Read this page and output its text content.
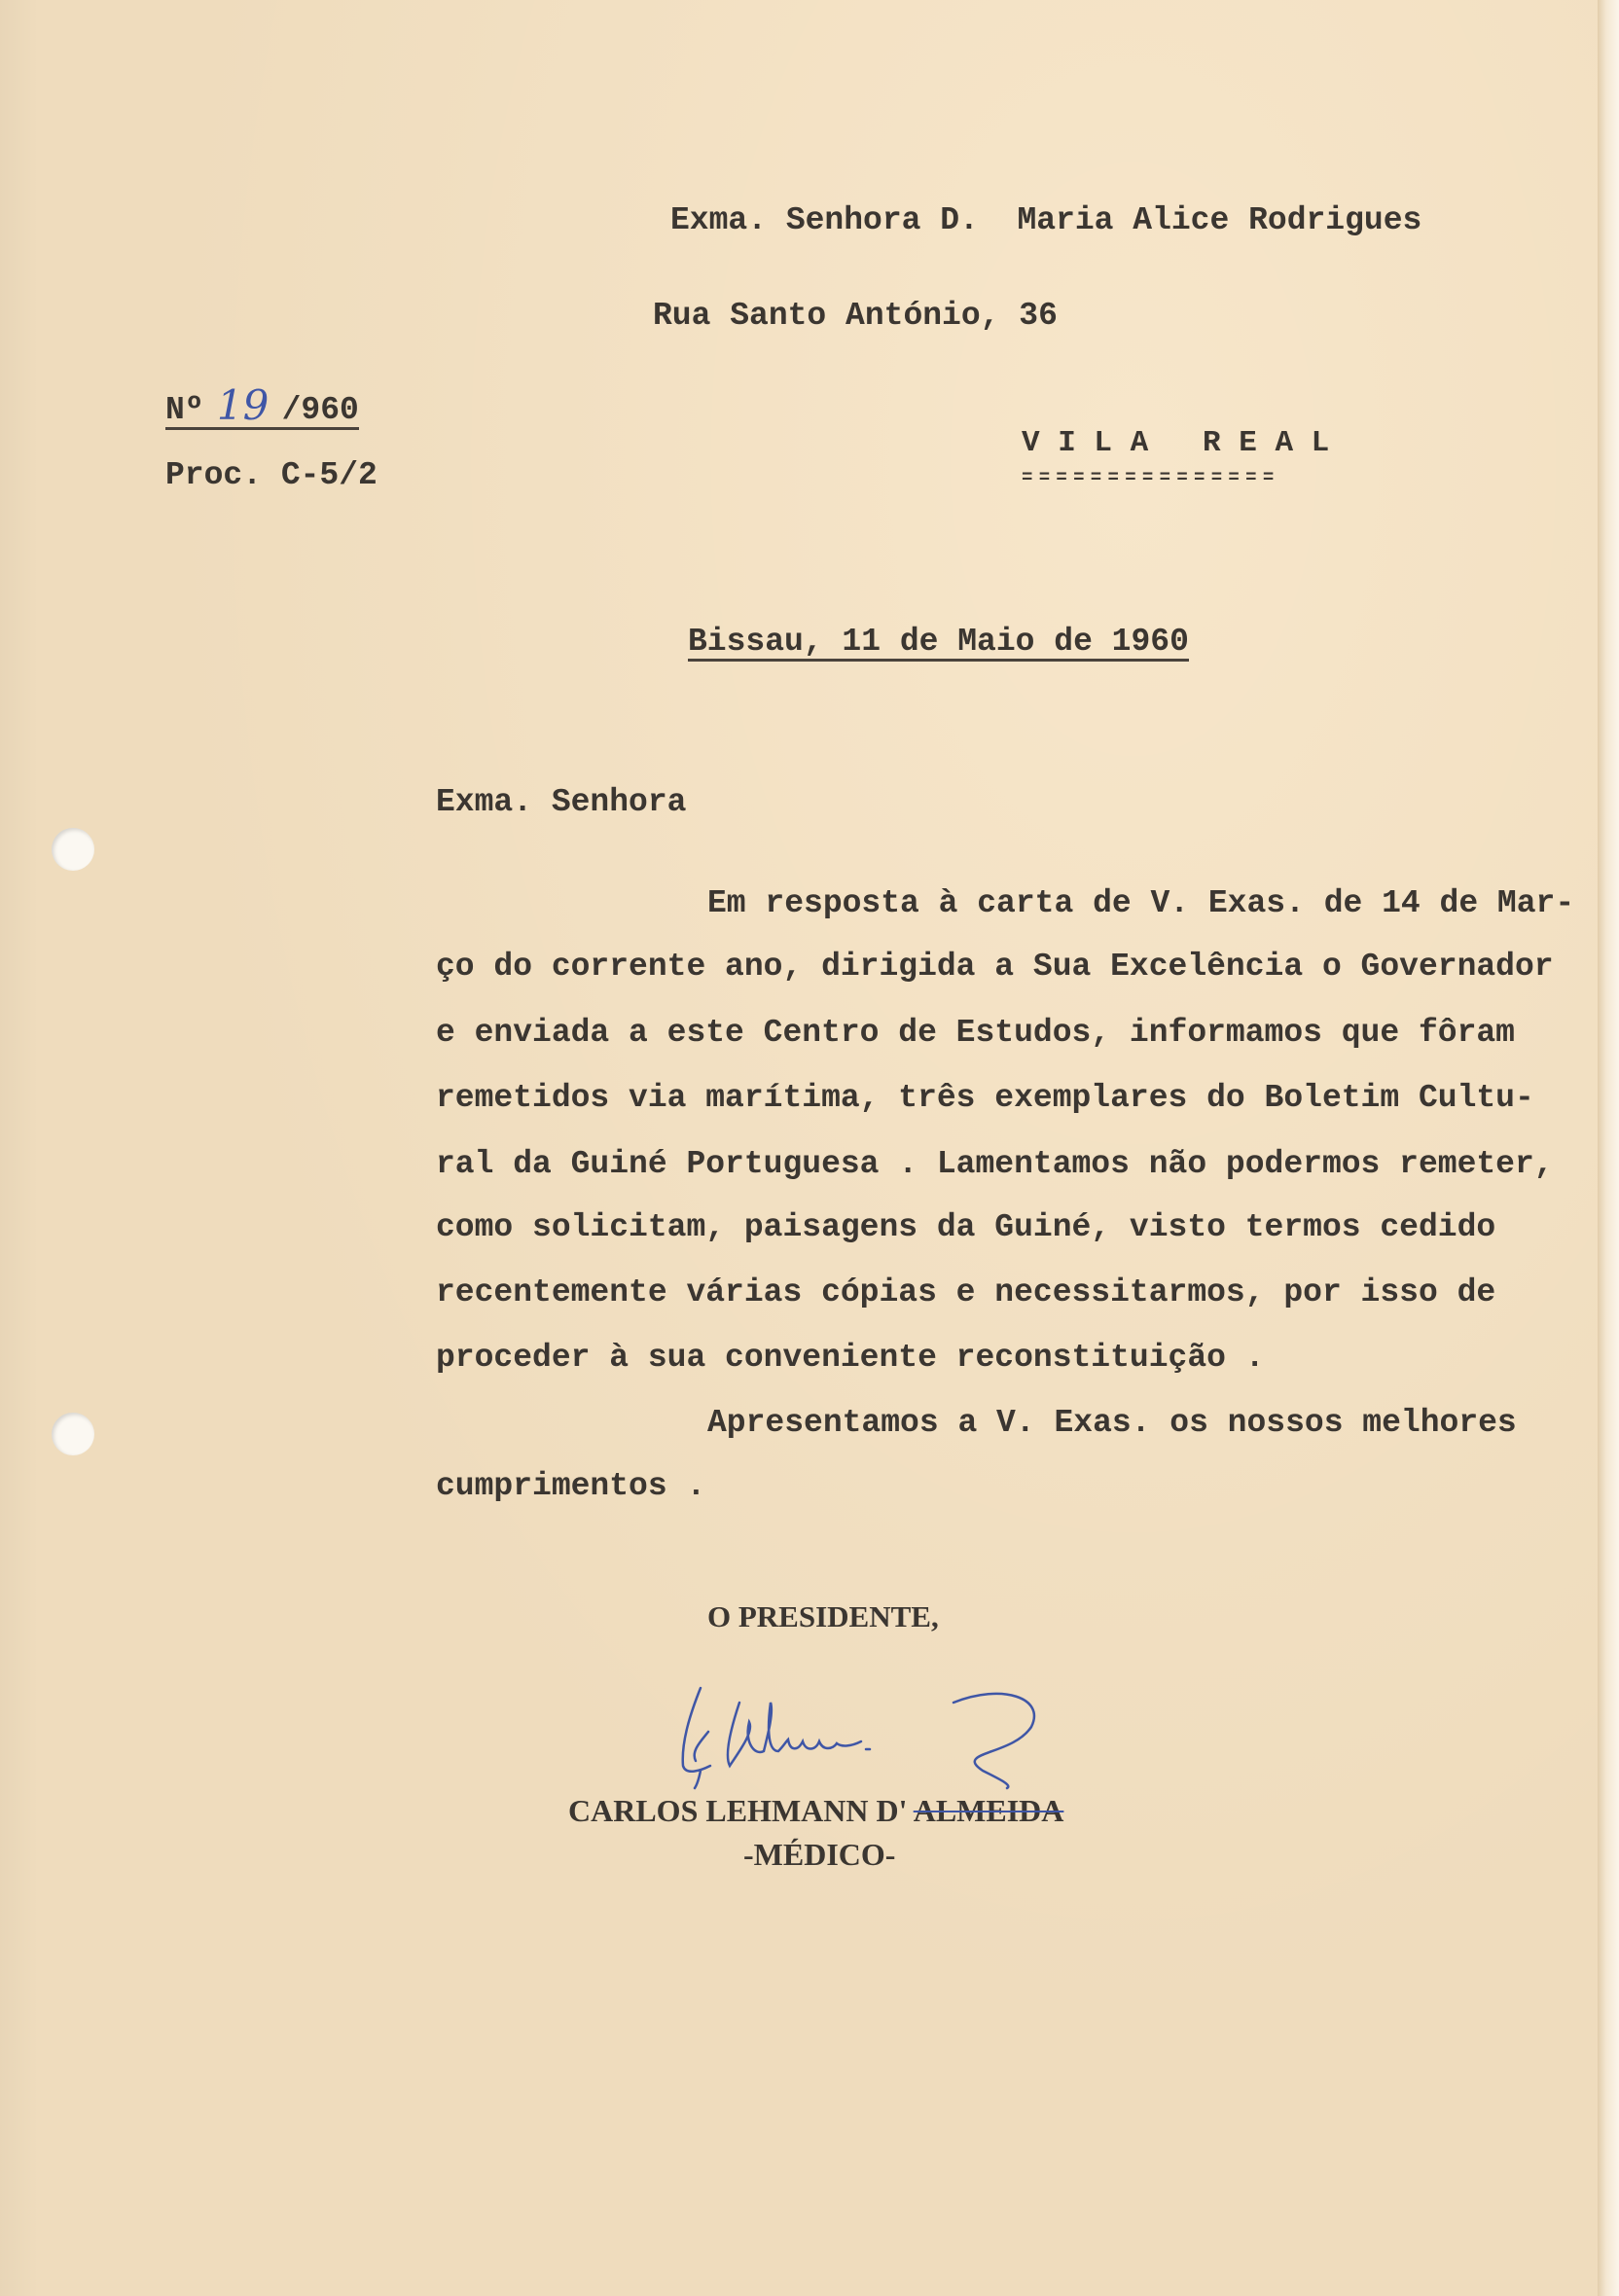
Exma. Senhora D.  Maria Alice Rodrigues
Rua Santo António, 36
V I L A   R E A L
===============
Nº 19 /960
Proc. C-5/2
Bissau, 11 de Maio de 1960
Exma. Senhora
Em resposta à carta de V. Exas. de 14 de Mar-
ço do corrente ano, dirigida a Sua Excelência o Governador
e enviada a este Centro de Estudos, informamos que fôram
remetidos via marítima, três exemplares do Boletim Cultu-
ral da Guiné Portuguesa . Lamentamos não podermos remeter,
como solicitam, paisagens da Guiné, visto termos cedido
recentemente várias cópias e necessitarmos, por isso de
proceder à sua conveniente reconstituição .
Apresentamos a V. Exas. os nossos melhores
cumprimentos .
O PRESIDENTE,
CARLOS LEHMANN D' ALMEIDA
-MÉDICO-
